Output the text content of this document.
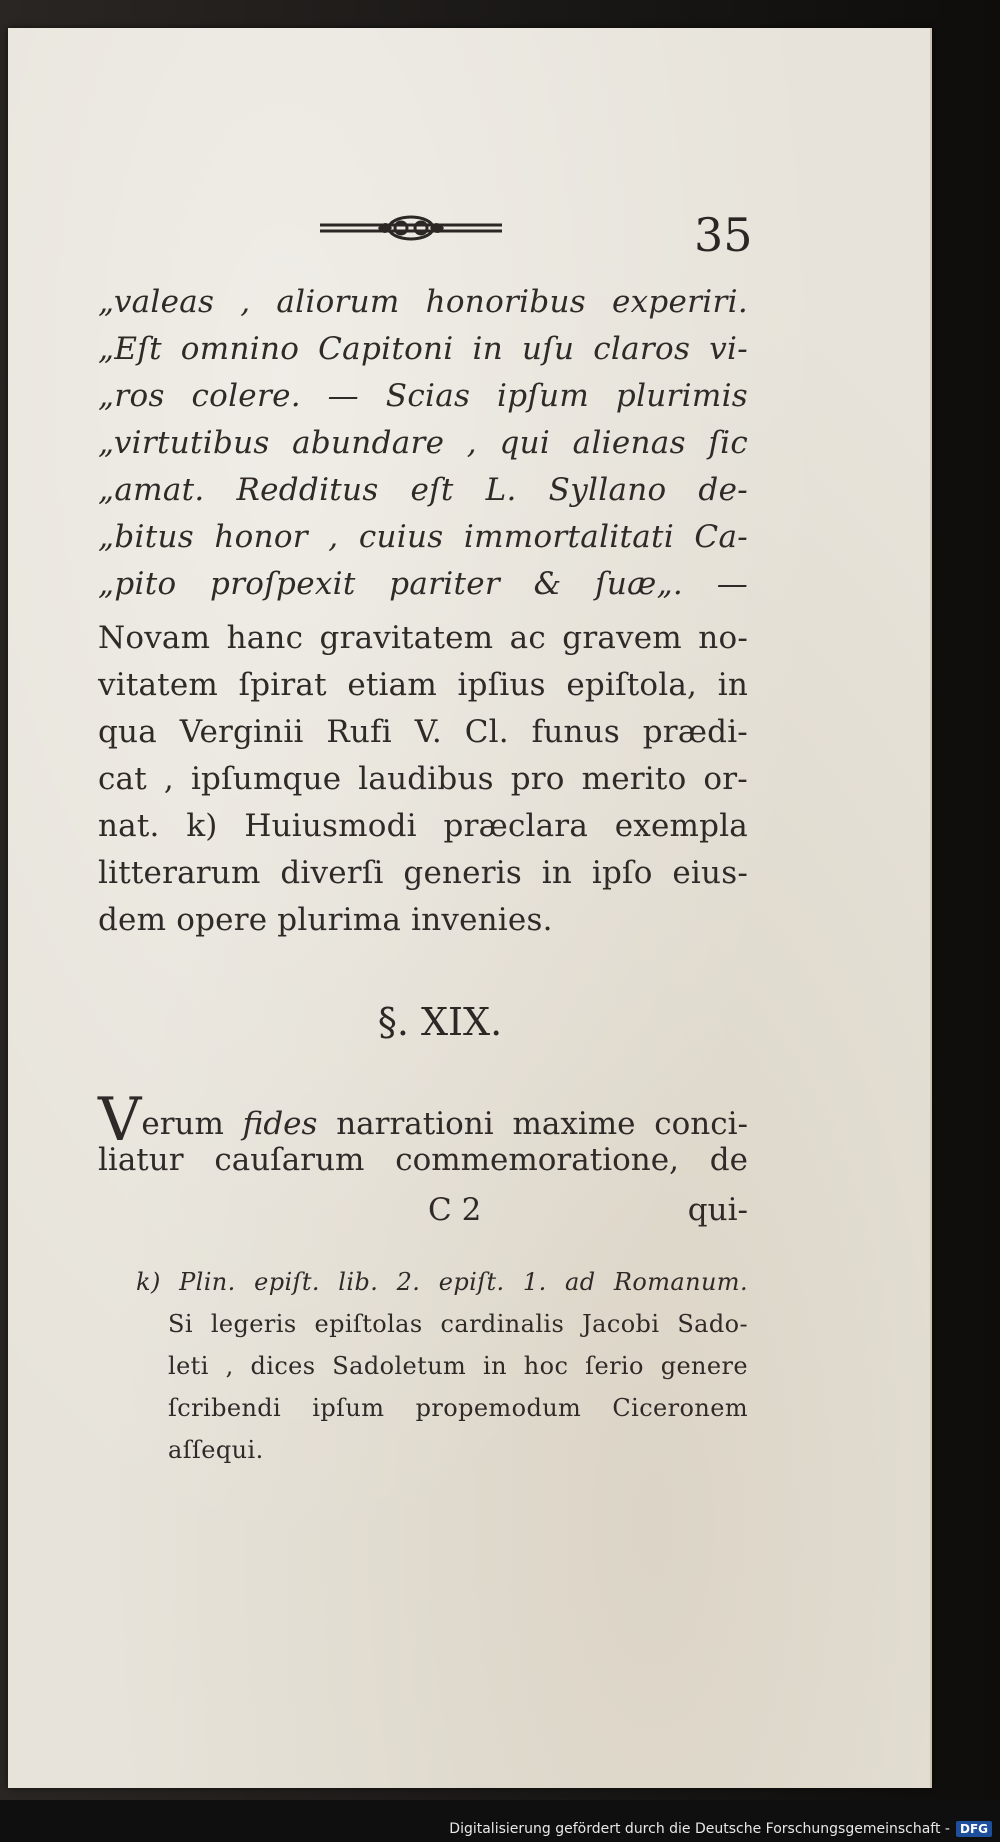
35
„valeas , aliorum honoribus experiri.
„Eſt omnino Capitoni in uſu claros vi-
„ros colere. — Scias ipſum plurimis
„virtutibus abundare , qui alienas ſic
„amat. Redditus eſt L. Syllano de-
„bitus honor , cuius immortalitati Ca-
„pito proſpexit pariter & ſuæ„. —
Novam hanc gravitatem ac gravem no-
vitatem ſpirat etiam ipſius epiſtola, in
qua Verginii Rufi V. Cl. funus prædi-
cat , ipſumque laudibus pro merito or-
nat. k) Huiusmodi præclara exempla
litterarum diverſi generis in ipſo eius-
dem opere plurima invenies.
§. XIX.
Verum fides narrationi maxime conci-
liatur cauſarum commemoratione, de
C 2	qui-
k) Plin. epiſt. lib. 2. epiſt. 1. ad Romanum.
Si legeris epiſtolas cardinalis Jacobi Sado-
leti , dices Sadoletum in hoc ſerio genere
ſcribendi ipſum propemodum Ciceronem
aſſequi.
Digitalisierung gefördert durch die Deutsche Forschungsgemeinschaft - DFG
